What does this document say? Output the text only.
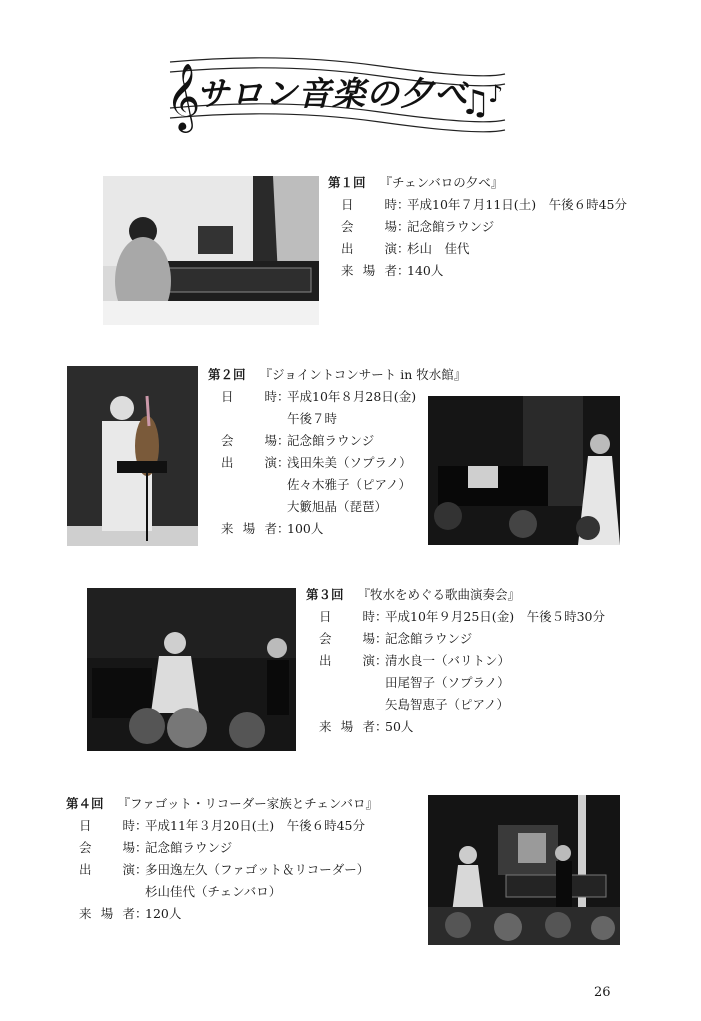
𝄞	♫
♪
サロン音楽の夕べ
第１回 『チェンバロの夕べ』
日　時 ：
平成10年７月11日(土)　午後６時45分
会　場 ：
記念館ラウンジ
出　演 ：
杉山　佳代
来場者 ：
140人
第２回 『ジョイントコンサート in 牧水館』
日　時 ：
平成10年８月28日(金)
午後７時
会　場 ：
記念館ラウンジ
出　演 ：
浅田朱美（ソプラノ）
佐々木雅子（ピアノ）
大籔旭晶（琵琶）
来場者 ：
100人
第３回 『牧水をめぐる歌曲演奏会』
日　時 ：
平成10年９月25日(金)　午後５時30分
会　場 ：
記念館ラウンジ
出　演 ：
清水良一（バリトン）
田尾智子（ソプラノ）
矢島智恵子（ピアノ）
来場者 ：
50人
第４回 『ファゴット・リコーダー家族とチェンバロ』
日　時 ：
平成11年３月20日(土)　午後６時45分
会　場 ：
記念館ラウンジ
出　演 ：
多田逸左久（ファゴット＆リコーダー）
杉山佳代（チェンバロ）
来場者 ：
120人
26
